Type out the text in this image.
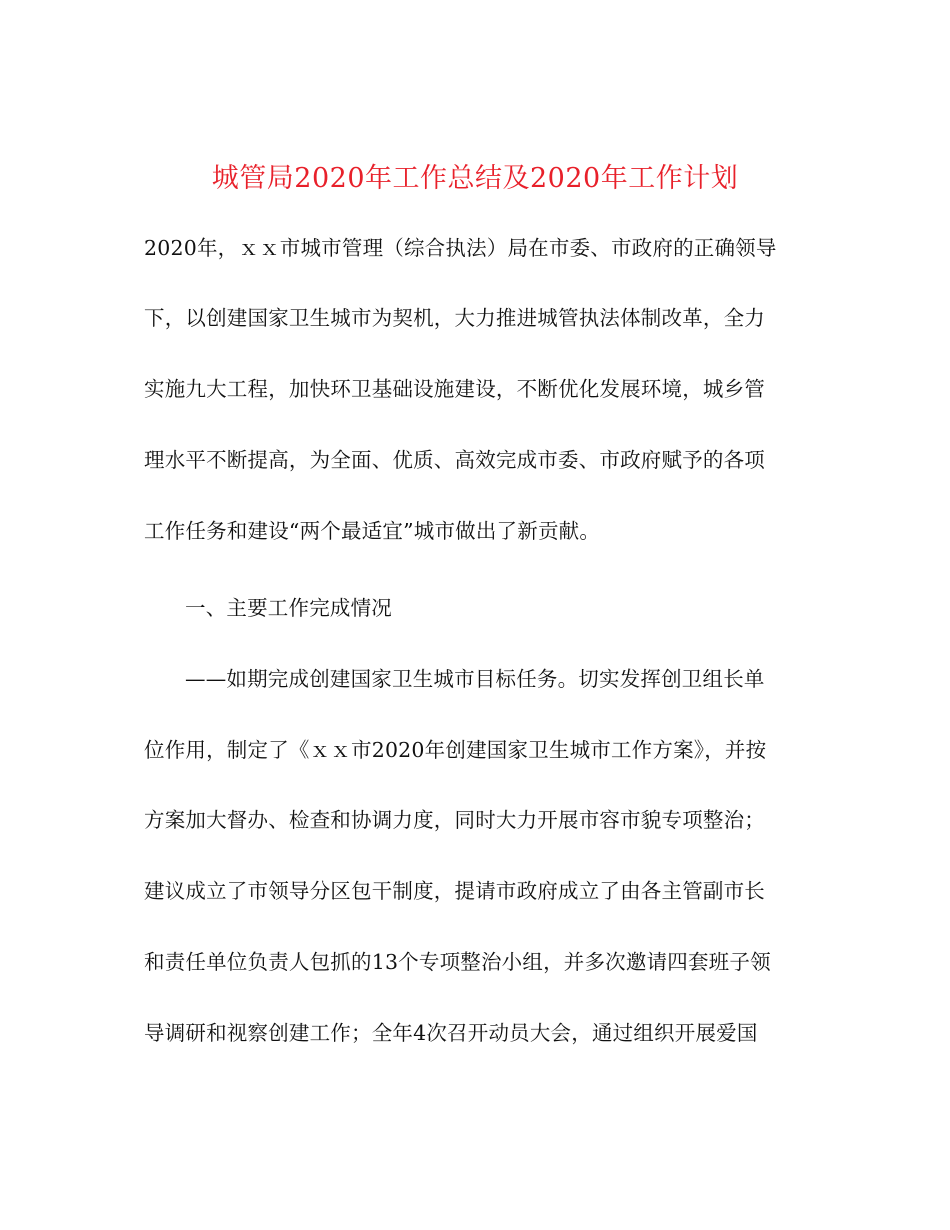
城管局2020年工作总结及2020年工作计划
2020年，ｘｘ市城市管理（综合执法）局在市委、市政府的正确领导
下，以创建国家卫生城市为契机，大力推进城管执法体制改革，全力
实施九大工程，加快环卫基础设施建设，不断优化发展环境，城乡管
理水平不断提高，为全面、优质、高效完成市委、市政府赋予的各项
工作任务和建设“两个最适宜”城市做出了新贡献。
一、主要工作完成情况
——如期完成创建国家卫生城市目标任务。切实发挥创卫组长单
位作用，制定了《ｘｘ市2020年创建国家卫生城市工作方案》，并按
方案加大督办、检查和协调力度，同时大力开展市容市貌专项整治；
建议成立了市领导分区包干制度，提请市政府成立了由各主管副市长
和责任单位负责人包抓的13个专项整治小组，并多次邀请四套班子领
导调研和视察创建工作；全年4次召开动员大会，通过组织开展爱国
